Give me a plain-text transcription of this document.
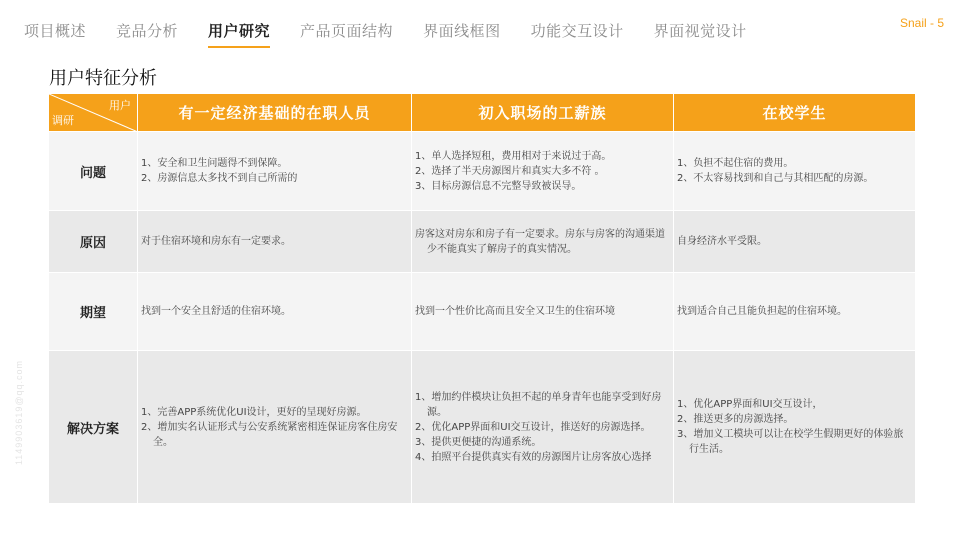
项目概述 竞品分析 用户研究 产品页面结构 界面线框图 功能交互设计 界面视觉设计	Snail - 5
用户特征分析
1149903619@qq.com
用户
调研	有一定经济基础的在职人员	初入职场的工薪族	在校学生
问题	1、安全和卫生问题得不到保障。
2、房源信息太多找不到自己所需的	1、单人选择短租，费用相对于来说过于高。
2、选择了半天房源图片和真实大多不符 。
3、目标房源信息不完整导致被误导。	1、负担不起住宿的费用。
2、不太容易找到和自己与其相匹配的房源。

原因	对于住宿环境和房东有一定要求。	房客这对房东和房子有一定要求。房东与房客的沟通渠道少不能真实了解房子的真实情况。	自身经济水平受限。

期望	找到一个安全且舒适的住宿环境。	找到一个性价比高而且安全又卫生的住宿环境	找到适合自己且能负担起的住宿环境。

解决方案	1、完善APP系统优化UI设计，更好的呈现好房源。
2、增加实名认证形式与公安系统紧密相连保证房客住房安全。	1、增加约伴模块让负担不起的单身青年也能享受到好房源。
2、优化APP界面和UI交互设计，推送好的房源选择。
3、提供更便捷的沟通系统。
4、拍照平台提供真实有效的房源图片让房客放心选择	1、优化APP界面和UI交互设计，
2、推送更多的房源选择。
3、增加义工模块可以让在校学生假期更好的体验旅行生活。
